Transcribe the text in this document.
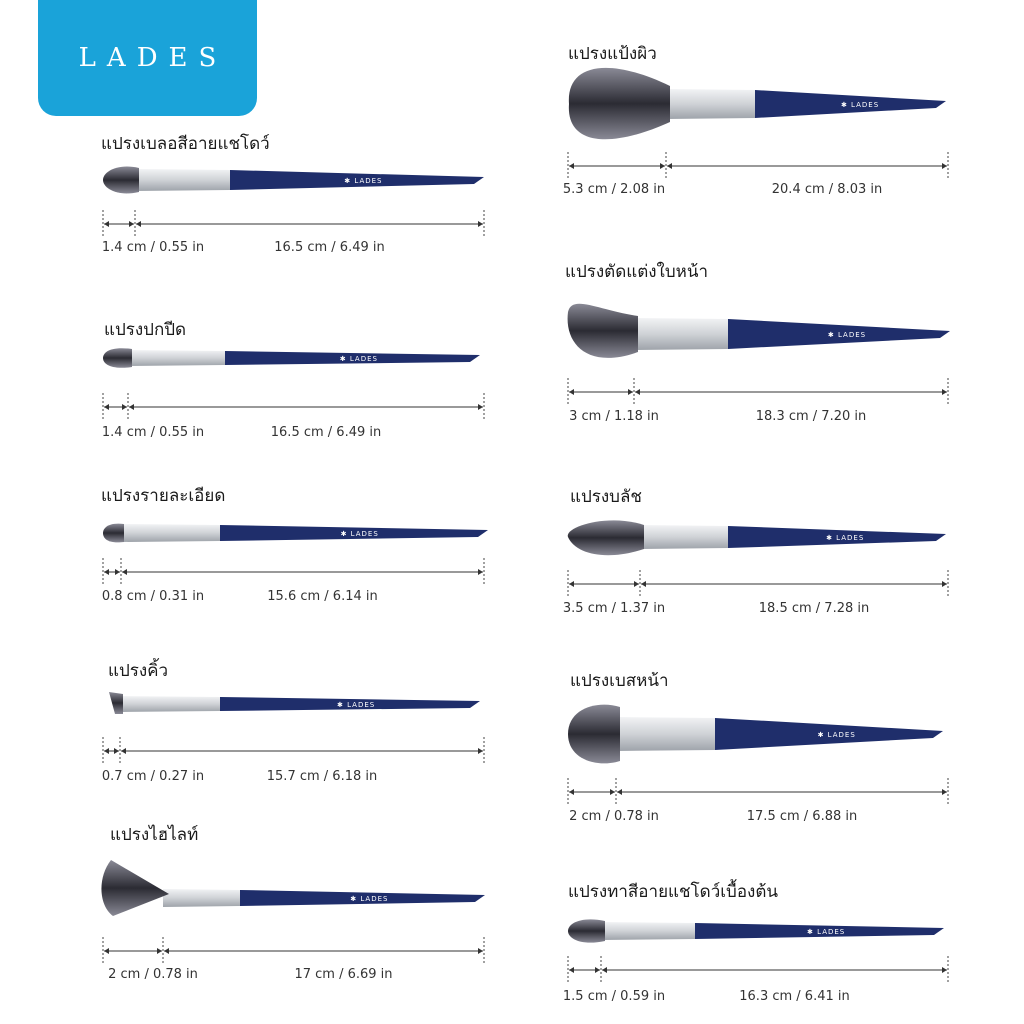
LADES
แปรงเบลอสีอายแชโดว์
✱ LADES
1.4 cm / 0.55 in	16.5 cm / 6.49 in
แปรงปกปีด
✱ LADES
1.4 cm / 0.55 in	16.5 cm / 6.49 in
แปรงรายละเอียด
✱ LADES
0.8 cm / 0.31 in	15.6 cm / 6.14 in
แปรงคิ้ว
✱ LADES
0.7 cm / 0.27 in	15.7 cm / 6.18 in
แปรงไฮไลท์
✱ LADES
2 cm / 0.78 in	17 cm / 6.69 in
แปรงแป้งผิว
✱ LADES
5.3 cm / 2.08 in	20.4 cm / 8.03 in
แปรงตัดแต่งใบหน้า
✱ LADES
3 cm / 1.18 in	18.3 cm / 7.20 in
แปรงบลัช
✱ LADES
3.5 cm / 1.37 in	18.5 cm / 7.28 in
แปรงเบสหน้า
✱ LADES
2 cm / 0.78 in	17.5 cm / 6.88 in
แปรงทาสีอายแชโดว์เบื้องต้น
✱ LADES
1.5 cm / 0.59 in	16.3 cm / 6.41 in
